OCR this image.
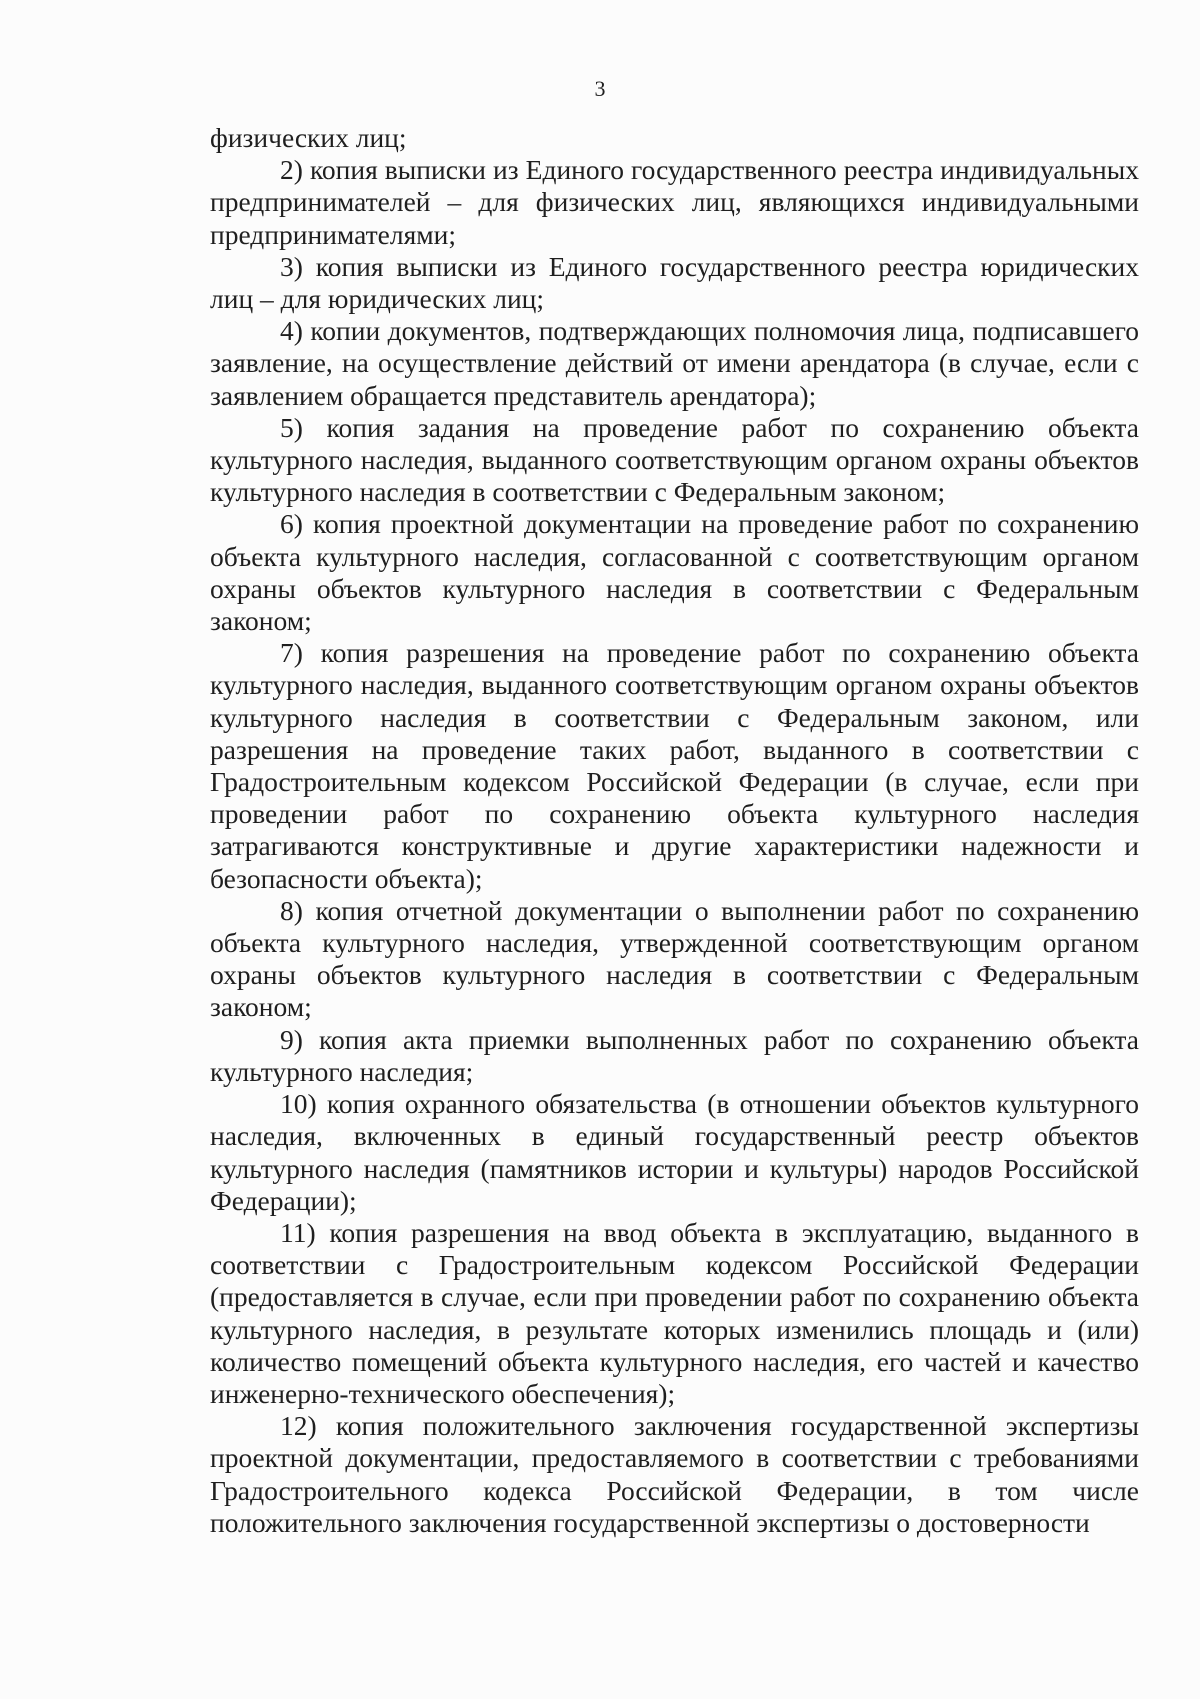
3

физических лиц;

2) копия выписки из Единого государственного реестра индивидуальных предпринимателей – для физических лиц, являющихся индивидуальными предпринимателями;

3) копия выписки из Единого государственного реестра юридических лиц – для юридических лиц;

4) копии документов, подтверждающих полномочия лица, подписавшего заявление, на осуществление действий от имени арендатора (в случае, если с заявлением обращается представитель арендатора);

5) копия задания на проведение работ по сохранению объекта культурного наследия, выданного соответствующим органом охраны объектов культурного наследия в соответствии с Федеральным законом;

6) копия проектной документации на проведение работ по сохранению объекта культурного наследия, согласованной с соответствующим органом охраны объектов культурного наследия в соответствии с Федеральным законом;

7) копия разрешения на проведение работ по сохранению объекта культурного наследия, выданного соответствующим органом охраны объектов культурного наследия в соответствии с Федеральным законом, или разрешения на проведение таких работ, выданного в соответствии с Градостроительным кодексом Российской Федерации (в случае, если при проведении работ по сохранению объекта культурного наследия затрагиваются конструктивные и другие характеристики надежности и безопасности объекта);

8) копия отчетной документации о выполнении работ по сохранению объекта культурного наследия, утвержденной соответствующим органом охраны объектов культурного наследия в соответствии с Федеральным законом;

9) копия акта приемки выполненных работ по сохранению объекта культурного наследия;

10) копия охранного обязательства (в отношении объектов культурного наследия, включенных в единый государственный реестр объектов культурного наследия (памятников истории и культуры) народов Российской Федерации);

11) копия разрешения на ввод объекта в эксплуатацию, выданного в соответствии с Градостроительным кодексом Российской Федерации (предоставляется в случае, если при проведении работ по сохранению объекта культурного наследия, в результате которых изменились площадь и (или) количество помещений объекта культурного наследия, его частей и качество инженерно-технического обеспечения);

12) копия положительного заключения государственной экспертизы проектной документации, предоставляемого в соответствии с требованиями Градостроительного кодекса Российской Федерации, в том числе положительного заключения государственной экспертизы о достоверности
